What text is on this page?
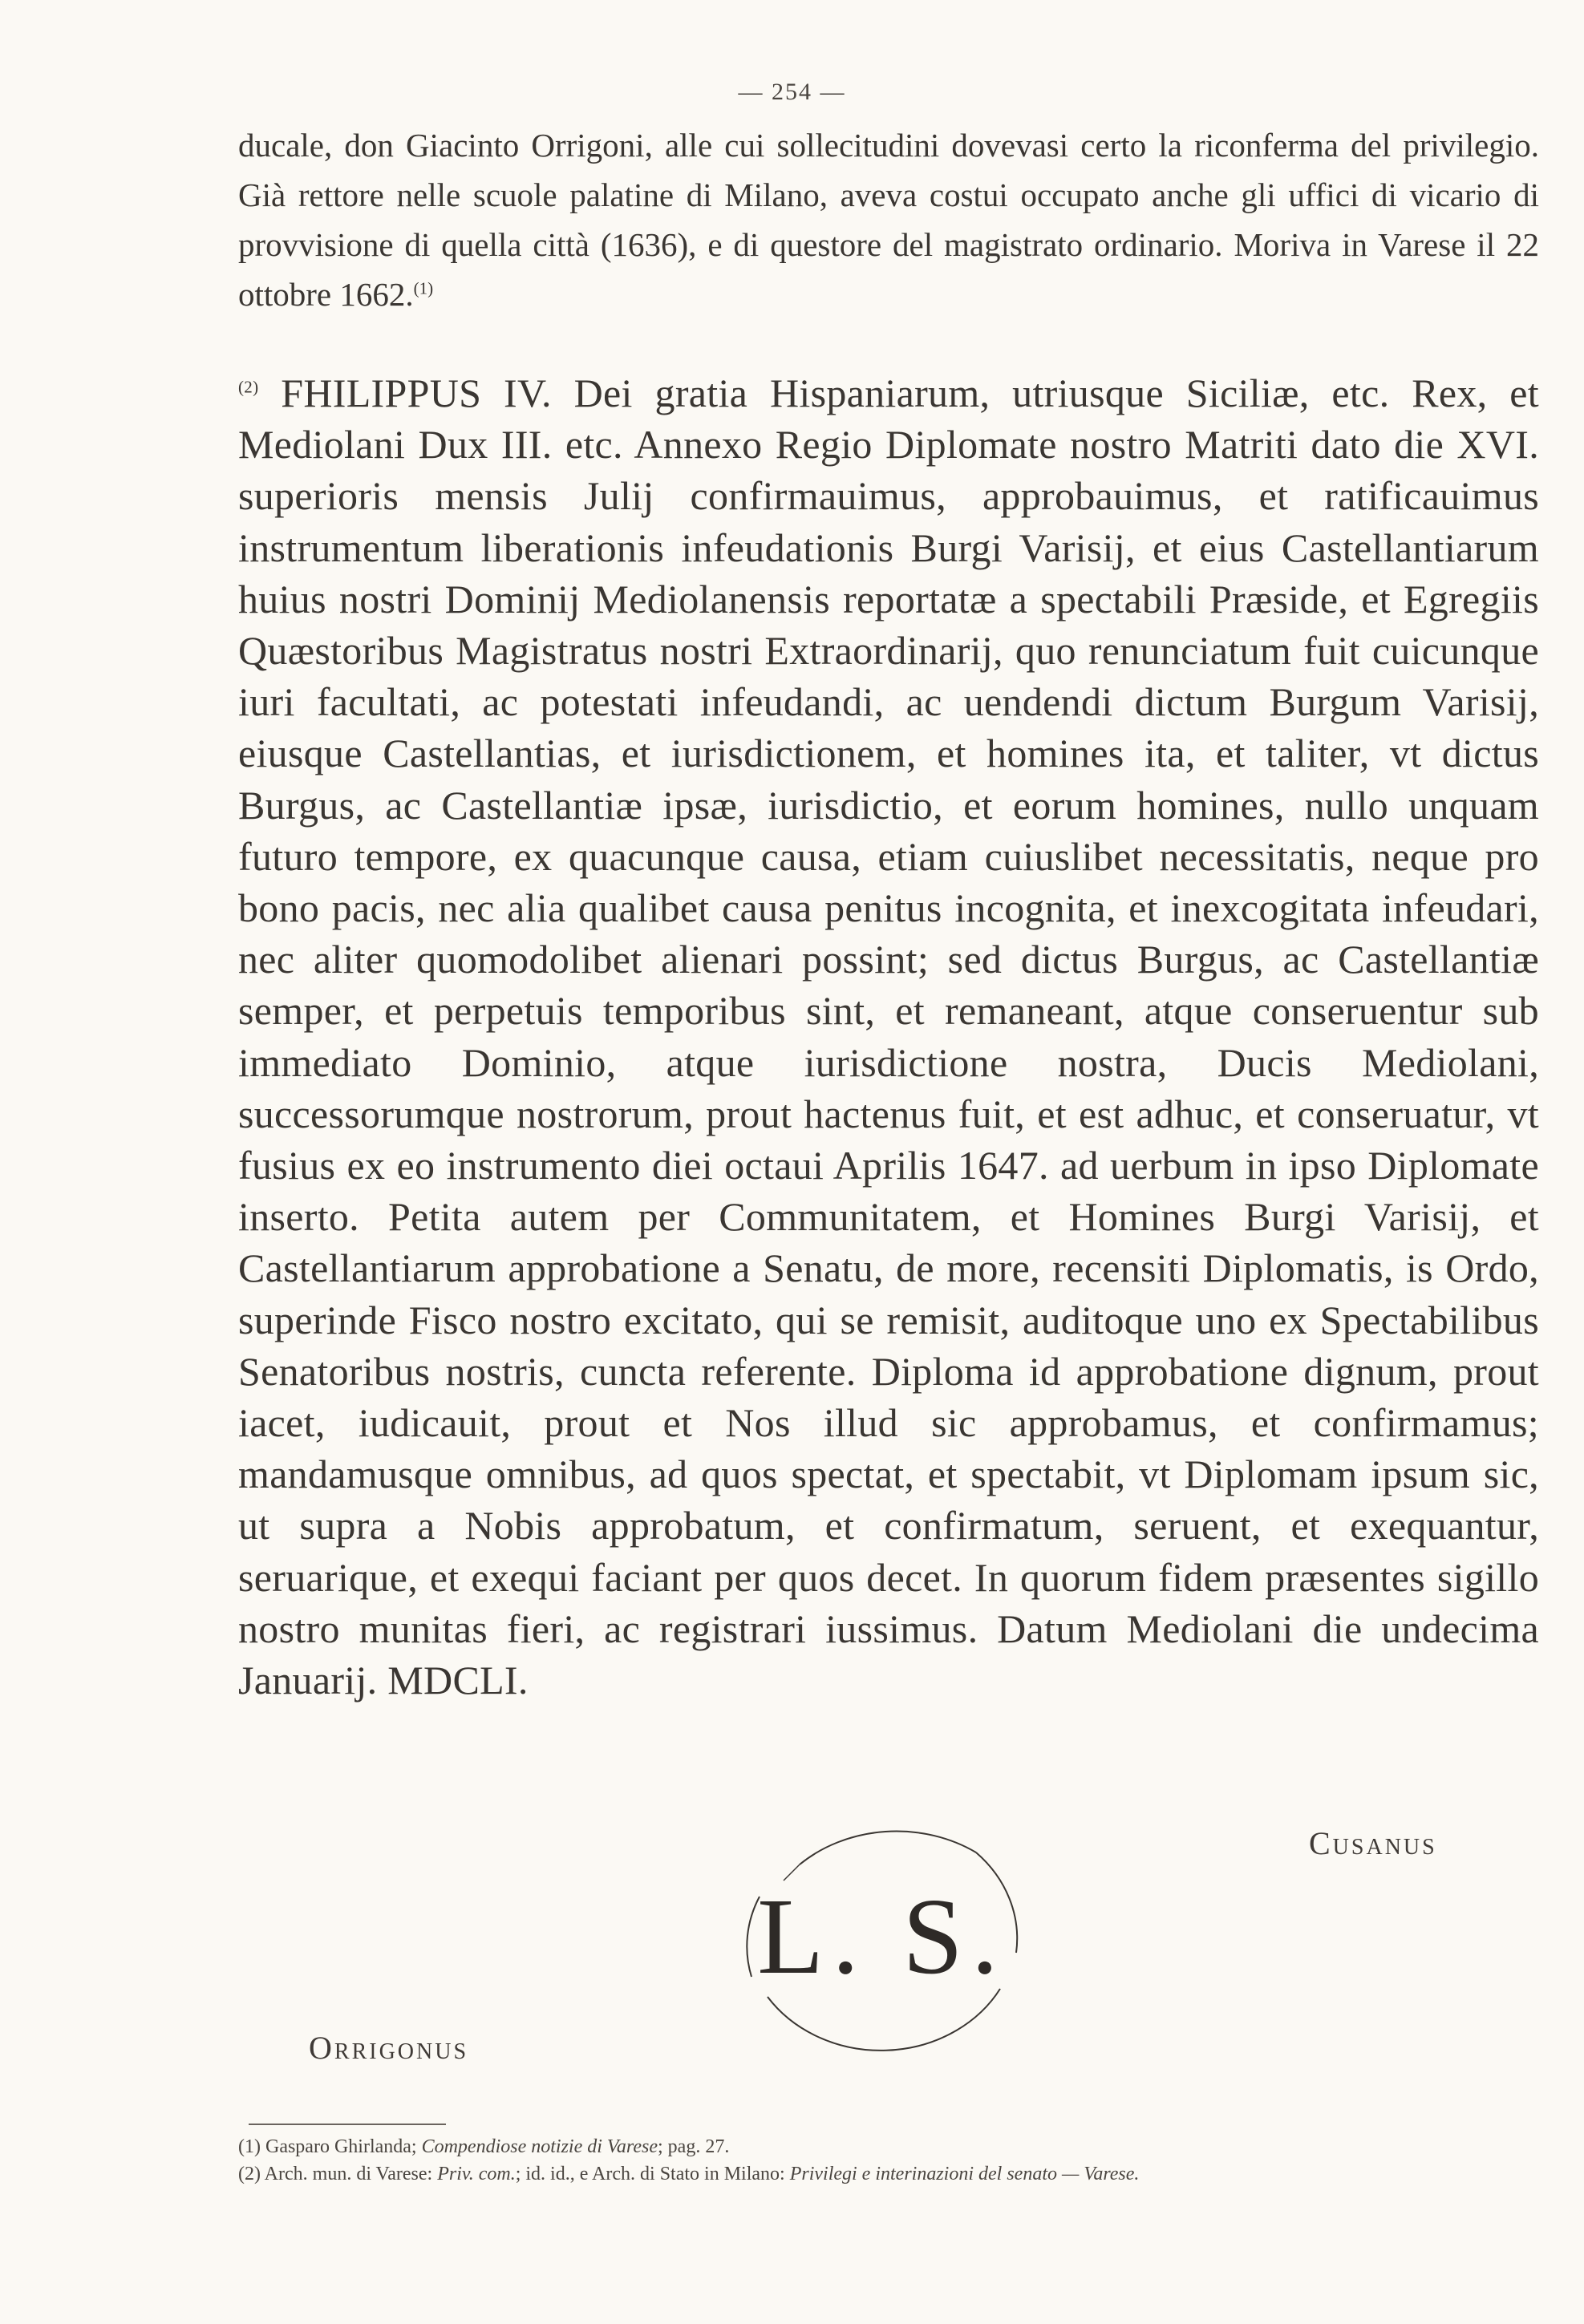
— 254 —
ducale, don Giacinto Orrigoni, alle cui sollecitudini dovevasi certo la riconferma del privilegio. Già rettore nelle scuole palatine di Milano, aveva costui occupato anche gli uffici di vicario di provvisione di quella città (1636), e di questore del magistrato ordinario. Moriva in Varese il 22 ottobre 1662.$^{(1)}$
$^{(2)}$ FHILIPPUS IV. Dei gratia Hispaniarum, utriusque Siciliæ, etc. Rex, et Mediolani Dux III. etc. Annexo Regio Diplomate nostro Matriti dato die XVI. superioris mensis Julij confirmauimus, approbauimus, et ratificauimus instrumentum liberationis infeudationis Burgi Varisij, et eius Castellantiarum huius nostri Dominij Mediolanensis reportatæ a spectabili Præside, et Egregiis Quæstoribus Magistratus nostri Extraordinarij, quo renunciatum fuit cuicunque iuri facultati, ac potestati infeudandi, ac uendendi dictum Burgum Varisij, eiusque Castellantias, et iurisdictionem, et homines ita, et taliter, vt dictus Burgus, ac Castellantiæ ipsæ, iurisdictio, et eorum homines, nullo unquam futuro tempore, ex quacunque causa, etiam cuiuslibet necessitatis, neque pro bono pacis, nec alia qualibet causa penitus incognita, et inexcogitata infeudari, nec aliter quomodolibet alienari possint; sed dictus Burgus, ac Castellantiæ semper, et perpetuis temporibus sint, et remaneant, atque conseruentur sub immediato Dominio, atque iurisdictione nostra, Ducis Mediolani, successorumque nostrorum, prout hactenus fuit, et est adhuc, et conseruatur, vt fusius ex eo instrumento diei octaui Aprilis 1647. ad uerbum in ipso Diplomate inserto. Petita autem per Communitatem, et Homines Burgi Varisij, et Castellantiarum approbatione a Senatu, de more, recensiti Diplomatis, is Ordo, superinde Fisco nostro excitato, qui se remisit, auditoque uno ex Spectabilibus Senatoribus nostris, cuncta referente. Diploma id approbatione dignum, prout iacet, iudicauit, prout et Nos illud sic approbamus, et confirmamus; mandamusque omnibus, ad quos spectat, et spectabit, vt Diplomam ipsum sic, ut supra a Nobis approbatum, et confirmatum, seruent, et exequantur, seruarique, et exequi faciant per quos decet. In quorum fidem præsentes sigillo nostro munitas fieri, ac registrari iussimus. Datum Mediolani die undecima Januarij. MDCLI.
Cusanus
L. S.
Orrigonus
(1) Gasparo Ghirlanda; Compendiose notizie di Varese; pag. 27.
(2) Arch. mun. di Varese: Priv. com.; id. id., e Arch. di Stato in Milano: Privilegi e interinazioni del senato — Varese.
